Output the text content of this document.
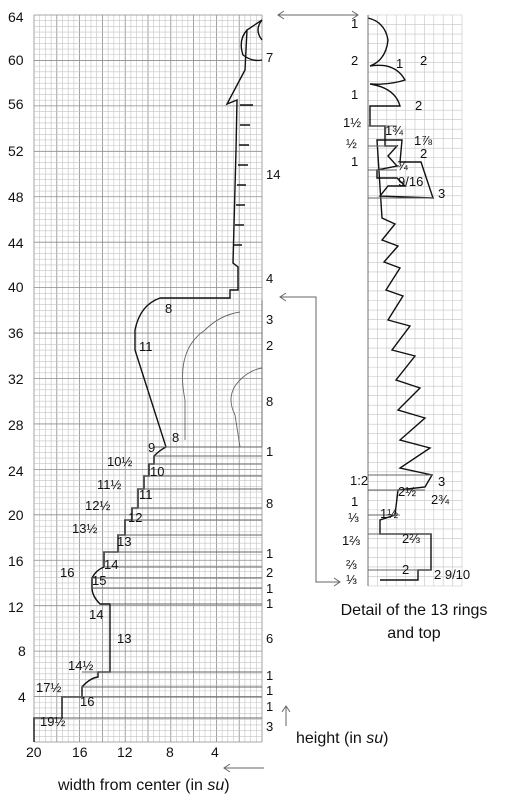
64
60
56
52
48
44
40
36
32
28
24
20
16
12
8
4
20 16 12 8	4
7
14
4
3
2
8
1
8
1
2
1
1
6
1
1
1
3
8
11
8
9
10½
10
11½
11
12½
12
13½
13
14
16
15
14
13
14½
17½
16
19½
1
2
1
1½
½
1
1:2
1
⅓
1⅔
⅔
⅓
1 2
2
1¾
1⅞
2
¾
9/16
3
3
2½
2¾
1½
2⅔
2 2 9/10
Detail of the 13 rings
and top
height (in su)
width from center (in su)
